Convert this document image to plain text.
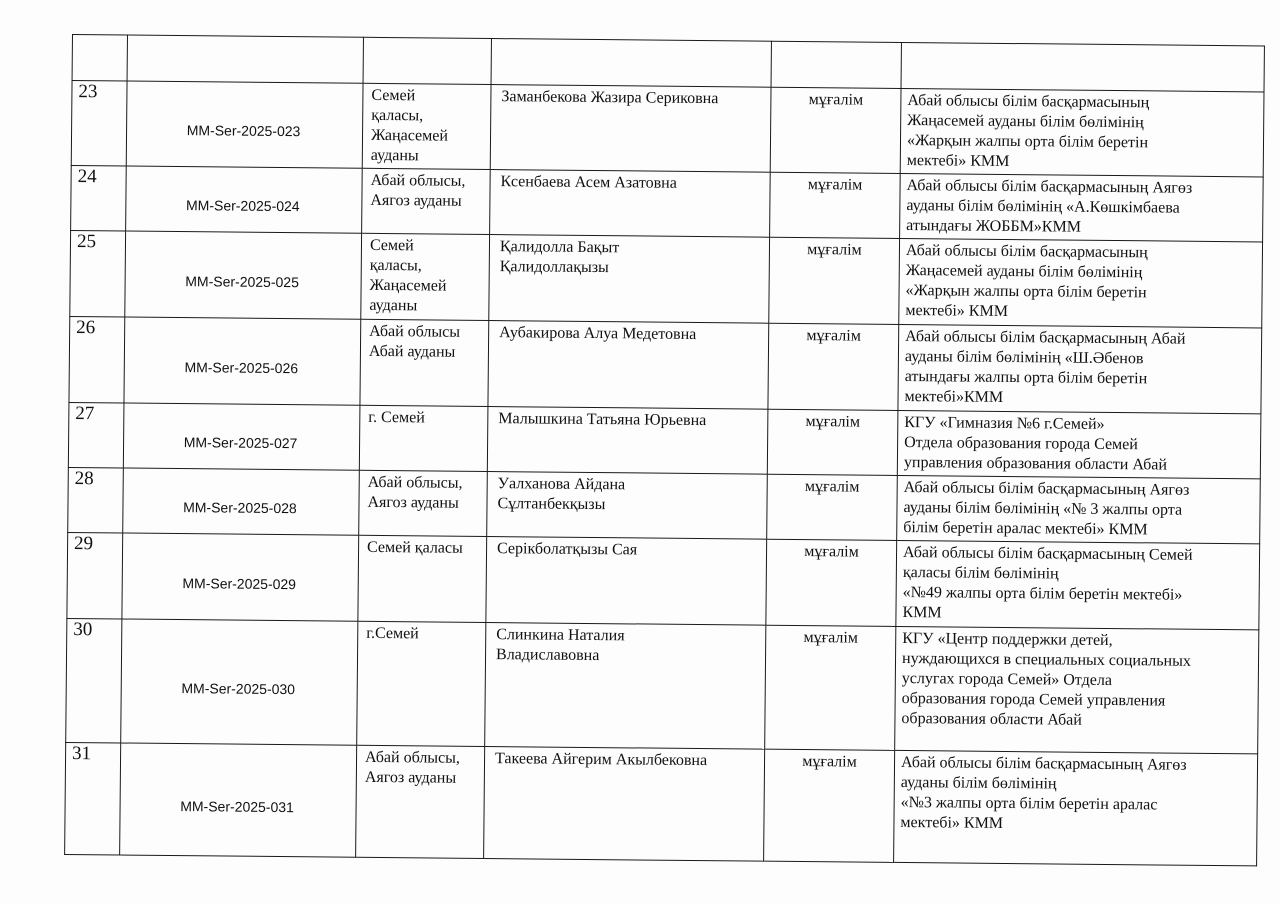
23	MM-Ser-2025-023	Семей
қаласы,
Жаңасемей
ауданы	Заманбекова Жазира Сериковна	мұғалім	Абай облысы білім басқармасының
Жаңасемей ауданы білім бөлімінің
«Жарқын жалпы орта білім беретін
мектебі» КММ

24	MM-Ser-2025-024	Абай облысы,
Аягоз ауданы	Ксенбаева Асем Азатовна	мұғалім	Абай облысы білім басқармасының Аягөз
ауданы білім бөлімінің «А.Көшкімбаева
атындағы ЖОББМ»КММ

25	MM-Ser-2025-025	Семей
қаласы,
Жаңасемей
ауданы	Қалидолла Бақыт
Қалидоллақызы	мұғалім	Абай облысы білім басқармасының
Жаңасемей ауданы білім бөлімінің
«Жарқын жалпы орта білім беретін
мектебі» КММ

26	MM-Ser-2025-026	Абай облысы
Абай ауданы	Аубакирова Алуа Медетовна	мұғалім	Абай облысы білім басқармасының Абай
ауданы білім бөлімінің «Ш.Әбенов
атындағы жалпы орта білім беретін
мектебі»КММ

27	MM-Ser-2025-027	г. Семей	Малышкина Татьяна Юрьевна	мұғалім	КГУ «Гимназия №6 г.Семей»
Отдела образования города Семей
управления образования области Абай

28	MM-Ser-2025-028	Абай облысы,
Аягоз ауданы	Уалханова Айдана
Сұлтанбекқызы	мұғалім	Абай облысы білім басқармасының Аягөз
ауданы білім бөлімінің «№ 3 жалпы орта
білім беретін аралас мектебі» КММ

29	MM-Ser-2025-029	Семей қаласы	Серікболатқызы Сая	мұғалім	Абай облысы білім басқармасының Семей
қаласы білім бөлімінің
«№49 жалпы орта білім беретін мектебі»
КММ

30	MM-Ser-2025-030	г.Семей	Слинкина Наталия
Владиславовна	мұғалім	КГУ «Центр поддержки детей,
нуждающихся в специальных социальных
услугах города Семей» Отдела
образования города Семей управления
образования области Абай

31	MM-Ser-2025-031	Абай облысы,
Аягоз ауданы	Такеева Айгерим Акылбековна	мұғалім	Абай облысы білім басқармасының Аягөз
ауданы білім бөлімінің
«№3 жалпы орта білім беретін аралас
мектебі» КММ
